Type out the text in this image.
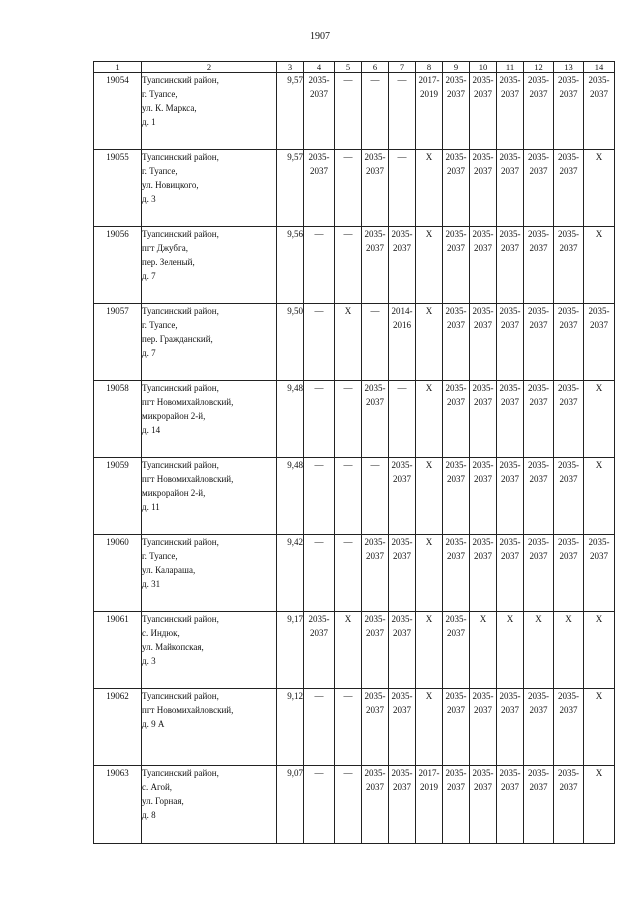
1907
1	2	3	4	5	6	7	8	9	10	11	12	13	14
19054	Туапсинский район,
г. Туапсе,
ул. К. Маркса,
д. 1	9,57	2035-
2037	—	—	—	2017-
2019	2035-
2037	2035-
2037	2035-
2037	2035-
2037	2035-
2037	2035-
2037

19055	Туапсинский район,
г. Туапсе,
ул. Новицкого,
д. 3	9,57	2035-
2037	—	2035-
2037	—	Х	2035-
2037	2035-
2037	2035-
2037	2035-
2037	2035-
2037	Х
19056	Туапсинский район,
пгт Джубга,
пер. Зеленый,
д. 7	9,56	—	—	2035-
2037	2035-
2037	Х	2035-
2037	2035-
2037	2035-
2037	2035-
2037	2035-
2037	Х
19057	Туапсинский район,
г. Туапсе,
пер. Гражданский,
д. 7	9,50	—	Х	—	2014-
2016	Х	2035-
2037	2035-
2037	2035-
2037	2035-
2037	2035-
2037	2035-
2037

19058	Туапсинский район,
пгт Новомихайловский,
микрорайон 2-й,
д. 14	9,48	—	—	2035-
2037	—	Х	2035-
2037	2035-
2037	2035-
2037	2035-
2037	2035-
2037	Х
19059	Туапсинский район,
пгт Новомихайловский,
микрорайон 2-й,
д. 11	9,48	—	—	—	2035-
2037	Х	2035-
2037	2035-
2037	2035-
2037	2035-
2037	2035-
2037	Х
19060	Туапсинский район,
г. Туапсе,
ул. Калараша,
д. 31	9,42	—	—	2035-
2037	2035-
2037	Х	2035-
2037	2035-
2037	2035-
2037	2035-
2037	2035-
2037	2035-
2037

19061	Туапсинский район,
с. Индюк,
ул. Майкопская,
д. 3	9,17	2035-
2037	Х	2035-
2037	2035-
2037	Х	2035-
2037	Х	Х	Х	Х	Х
19062	Туапсинский район,
пгт Новомихайловский,
д. 9 А	9,12	—	—	2035-
2037	2035-
2037	Х	2035-
2037	2035-
2037	2035-
2037	2035-
2037	2035-
2037	Х
19063	Туапсинский район,
с. Агой,
ул. Горная,
д. 8	9,07	—	—	2035-
2037	2035-
2037	2017-
2019	2035-
2037	2035-
2037	2035-
2037	2035-
2037	2035-
2037	Х
